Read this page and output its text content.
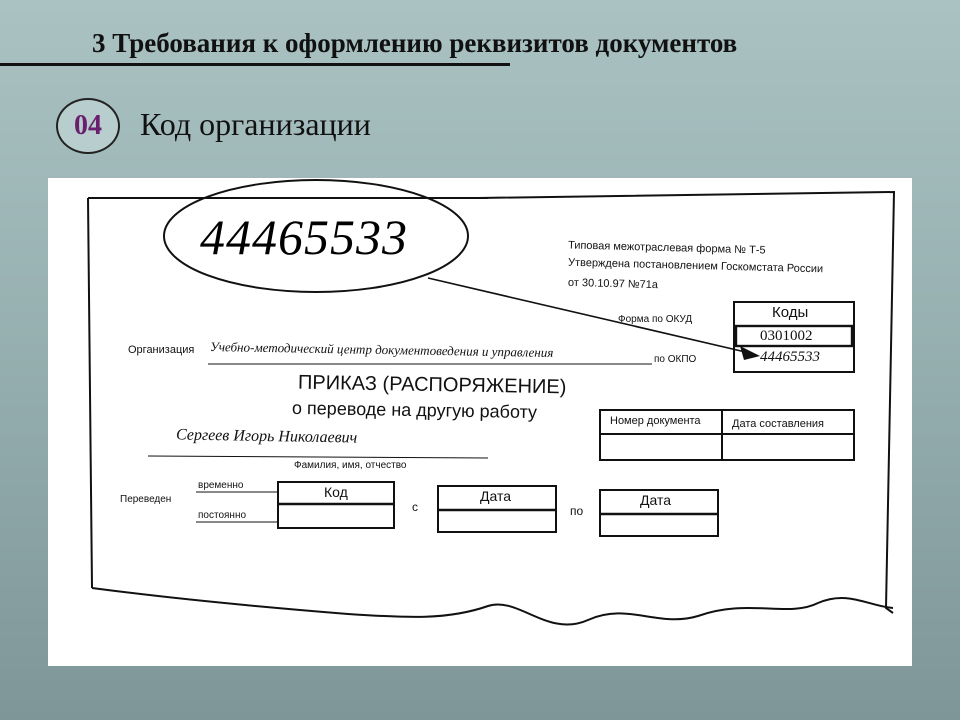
3 Требования к оформлению реквизитов документов
04	Код организации
44465533	Типовая межотраслевая форма № Т-5
Утверждена постановлением Госкомстата России
от 30.10.97 №71а
Коды
Форма по ОКУД
0301002
по ОКПО	44465533
Организация Учебно-методический центр документоведения и управления
ПРИКАЗ (РАСПОРЯЖЕНИЕ)
о переводе на другую работу	Номер документа	Дата составления
Сергеев Игорь Николаевич
Фамилия, имя, отчество
Переведен
временно
постоянно
Код
с
Дата
по
Дата
